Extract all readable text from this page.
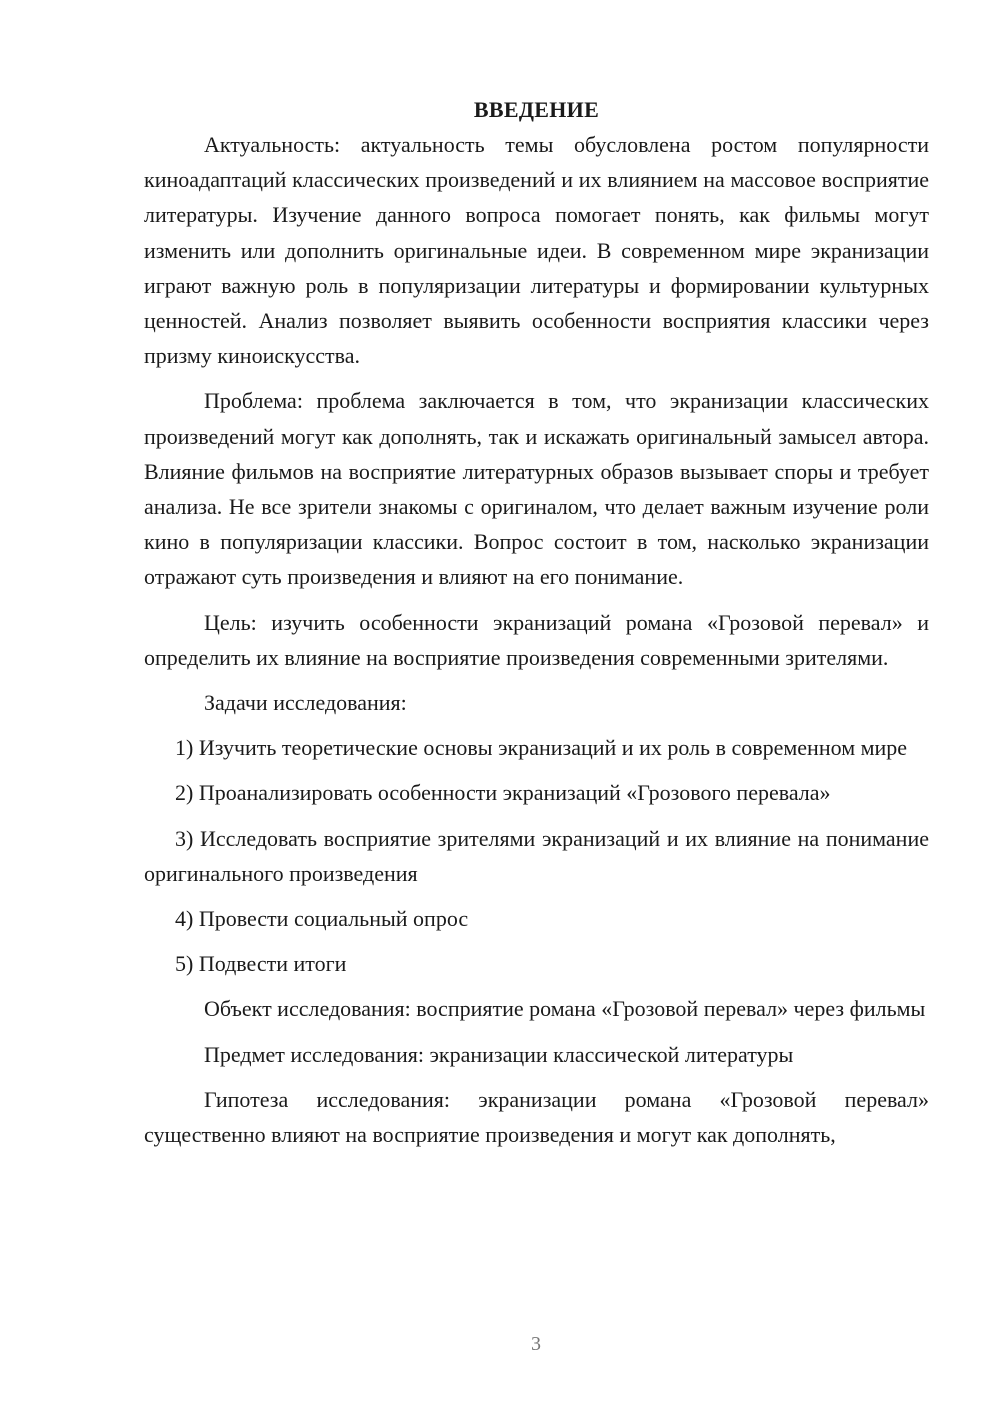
ВВЕДЕНИЕ

Актуальность: актуальность темы обусловлена ростом популярности киноадаптаций классических произведений и их влиянием на массовое восприятие литературы. Изучение данного вопроса помогает понять, как фильмы могут изменить или дополнить оригинальные идеи. В современном мире экранизации играют важную роль в популяризации литературы и формировании культурных ценностей. Анализ позволяет выявить особенности восприятия классики через призму киноискусства.

Проблема: проблема заключается в том, что экранизации классических произведений могут как дополнять, так и искажать оригинальный замысел автора. Влияние фильмов на восприятие литературных образов вызывает споры и требует анализа. Не все зрители знакомы с оригиналом, что делает важным изучение роли кино в популяризации классики. Вопрос состоит в том, насколько экранизации отражают суть произведения и влияют на его понимание.

Цель: изучить особенности экранизаций романа «Грозовой перевал» и определить их влияние на восприятие произведения современными зрителями.

Задачи исследования:

1) Изучить теоретические основы экранизаций и их роль в современном мире

2) Проанализировать особенности экранизаций «Грозового перевала»

3) Исследовать восприятие зрителями экранизаций и их влияние на понимание оригинального произведения

4) Провести социальный опрос

5) Подвести итоги

Объект исследования: восприятие романа «Грозовой перевал» через фильмы

Предмет исследования: экранизации классической литературы

Гипотеза исследования: экранизации романа «Грозовой перевал» существенно влияют на восприятие произведения и могут как дополнять,

3
